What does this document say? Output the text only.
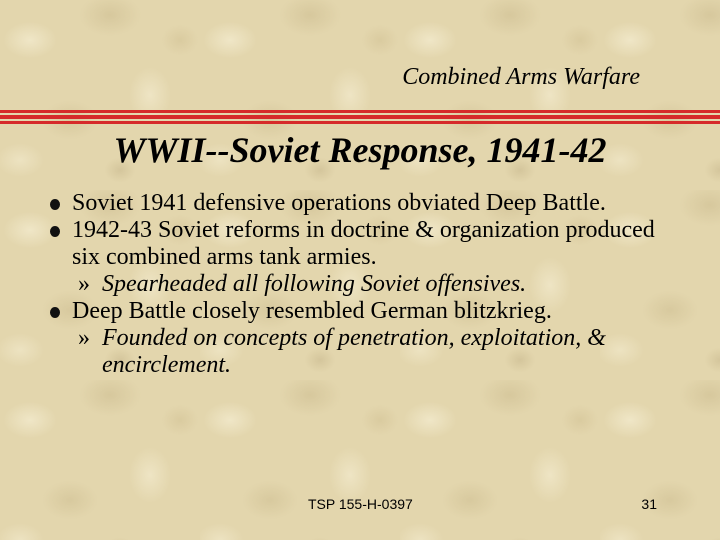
Combined Arms Warfare
WWII--Soviet Response, 1941-42
Soviet 1941 defensive operations obviated Deep Battle.
1942-43 Soviet reforms in doctrine & organization produced six combined arms tank armies.
» Spearheaded all following Soviet offensives.
Deep Battle closely resembled German blitzkrieg.
» Founded on concepts of penetration, exploitation, & encirclement.
TSP 155-H-0397	31
